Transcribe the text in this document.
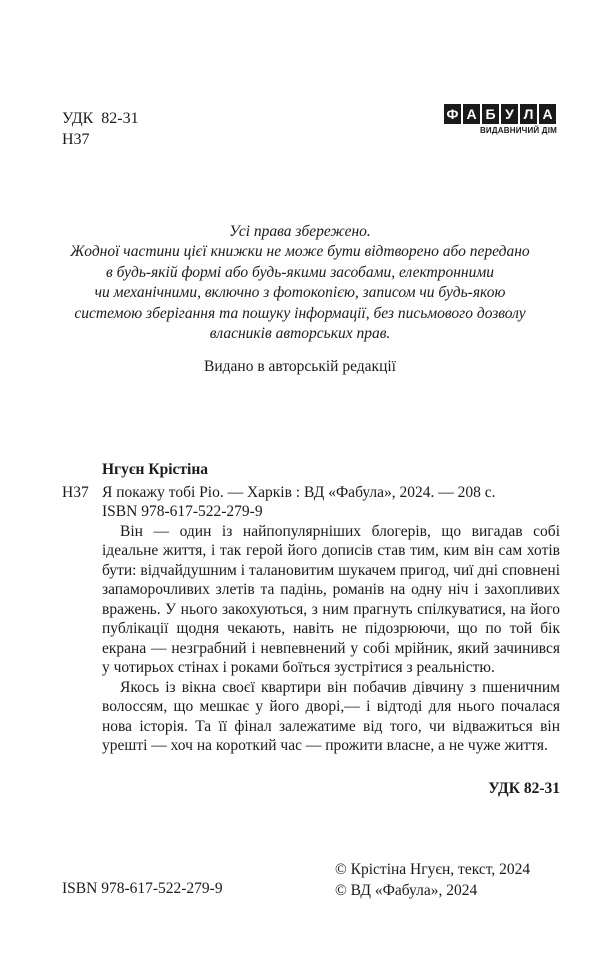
УДК 82-31
Н37
Ф А Б У Л А
ВИДАВНИЧИЙ ДІМ
Усі права збережено.
Жодної частини цієї книжки не може бути відтворено або передано
в будь-якій формі або будь-якими засобами, електронними
чи механічними, включно з фотокопією, записом чи будь-якою
системою зберігання та пошуку інформації, без письмового дозволу
власників авторських прав.
Видано в авторській редакції
Нгуєн Крістіна
Н37 Я покажу тобі Ріо. — Харків : ВД «Фабула», 2024. — 208 с.

ISBN 978-617-522-279-9

Він — один із найпопулярніших блогерів, що вигадав собі ідеальне життя, і так герой його дописів став тим, ким він сам хотів бути: відчайдушним і талановитим шукачем пригод, чиї дні сповнені запаморочливих злетів та падінь, романів на одну ніч і захопливих вражень. У нього закохуються, з ним прагнуть спілкуватися, на його публікації щодня чекають, навіть не підозрюючи, що по той бік екрана — незграбний і невпевнений у собі мрійник, який зачинився у чотирьох стінах і роками боїться зустрітися з реальністю.

Якось із вікна своєї квартири він побачив дівчину з пшеничним волоссям, що мешкає у його дворі,— і відтоді для нього почалася нова історія. Та її фінал залежатиме від того, чи відважиться він урешті — хоч на короткий час — прожити власне, а не чуже життя.

УДК 82-31
ISBN 978-617-522-279-9
© Крістіна Нгуєн, текст, 2024
© ВД «Фабула», 2024
